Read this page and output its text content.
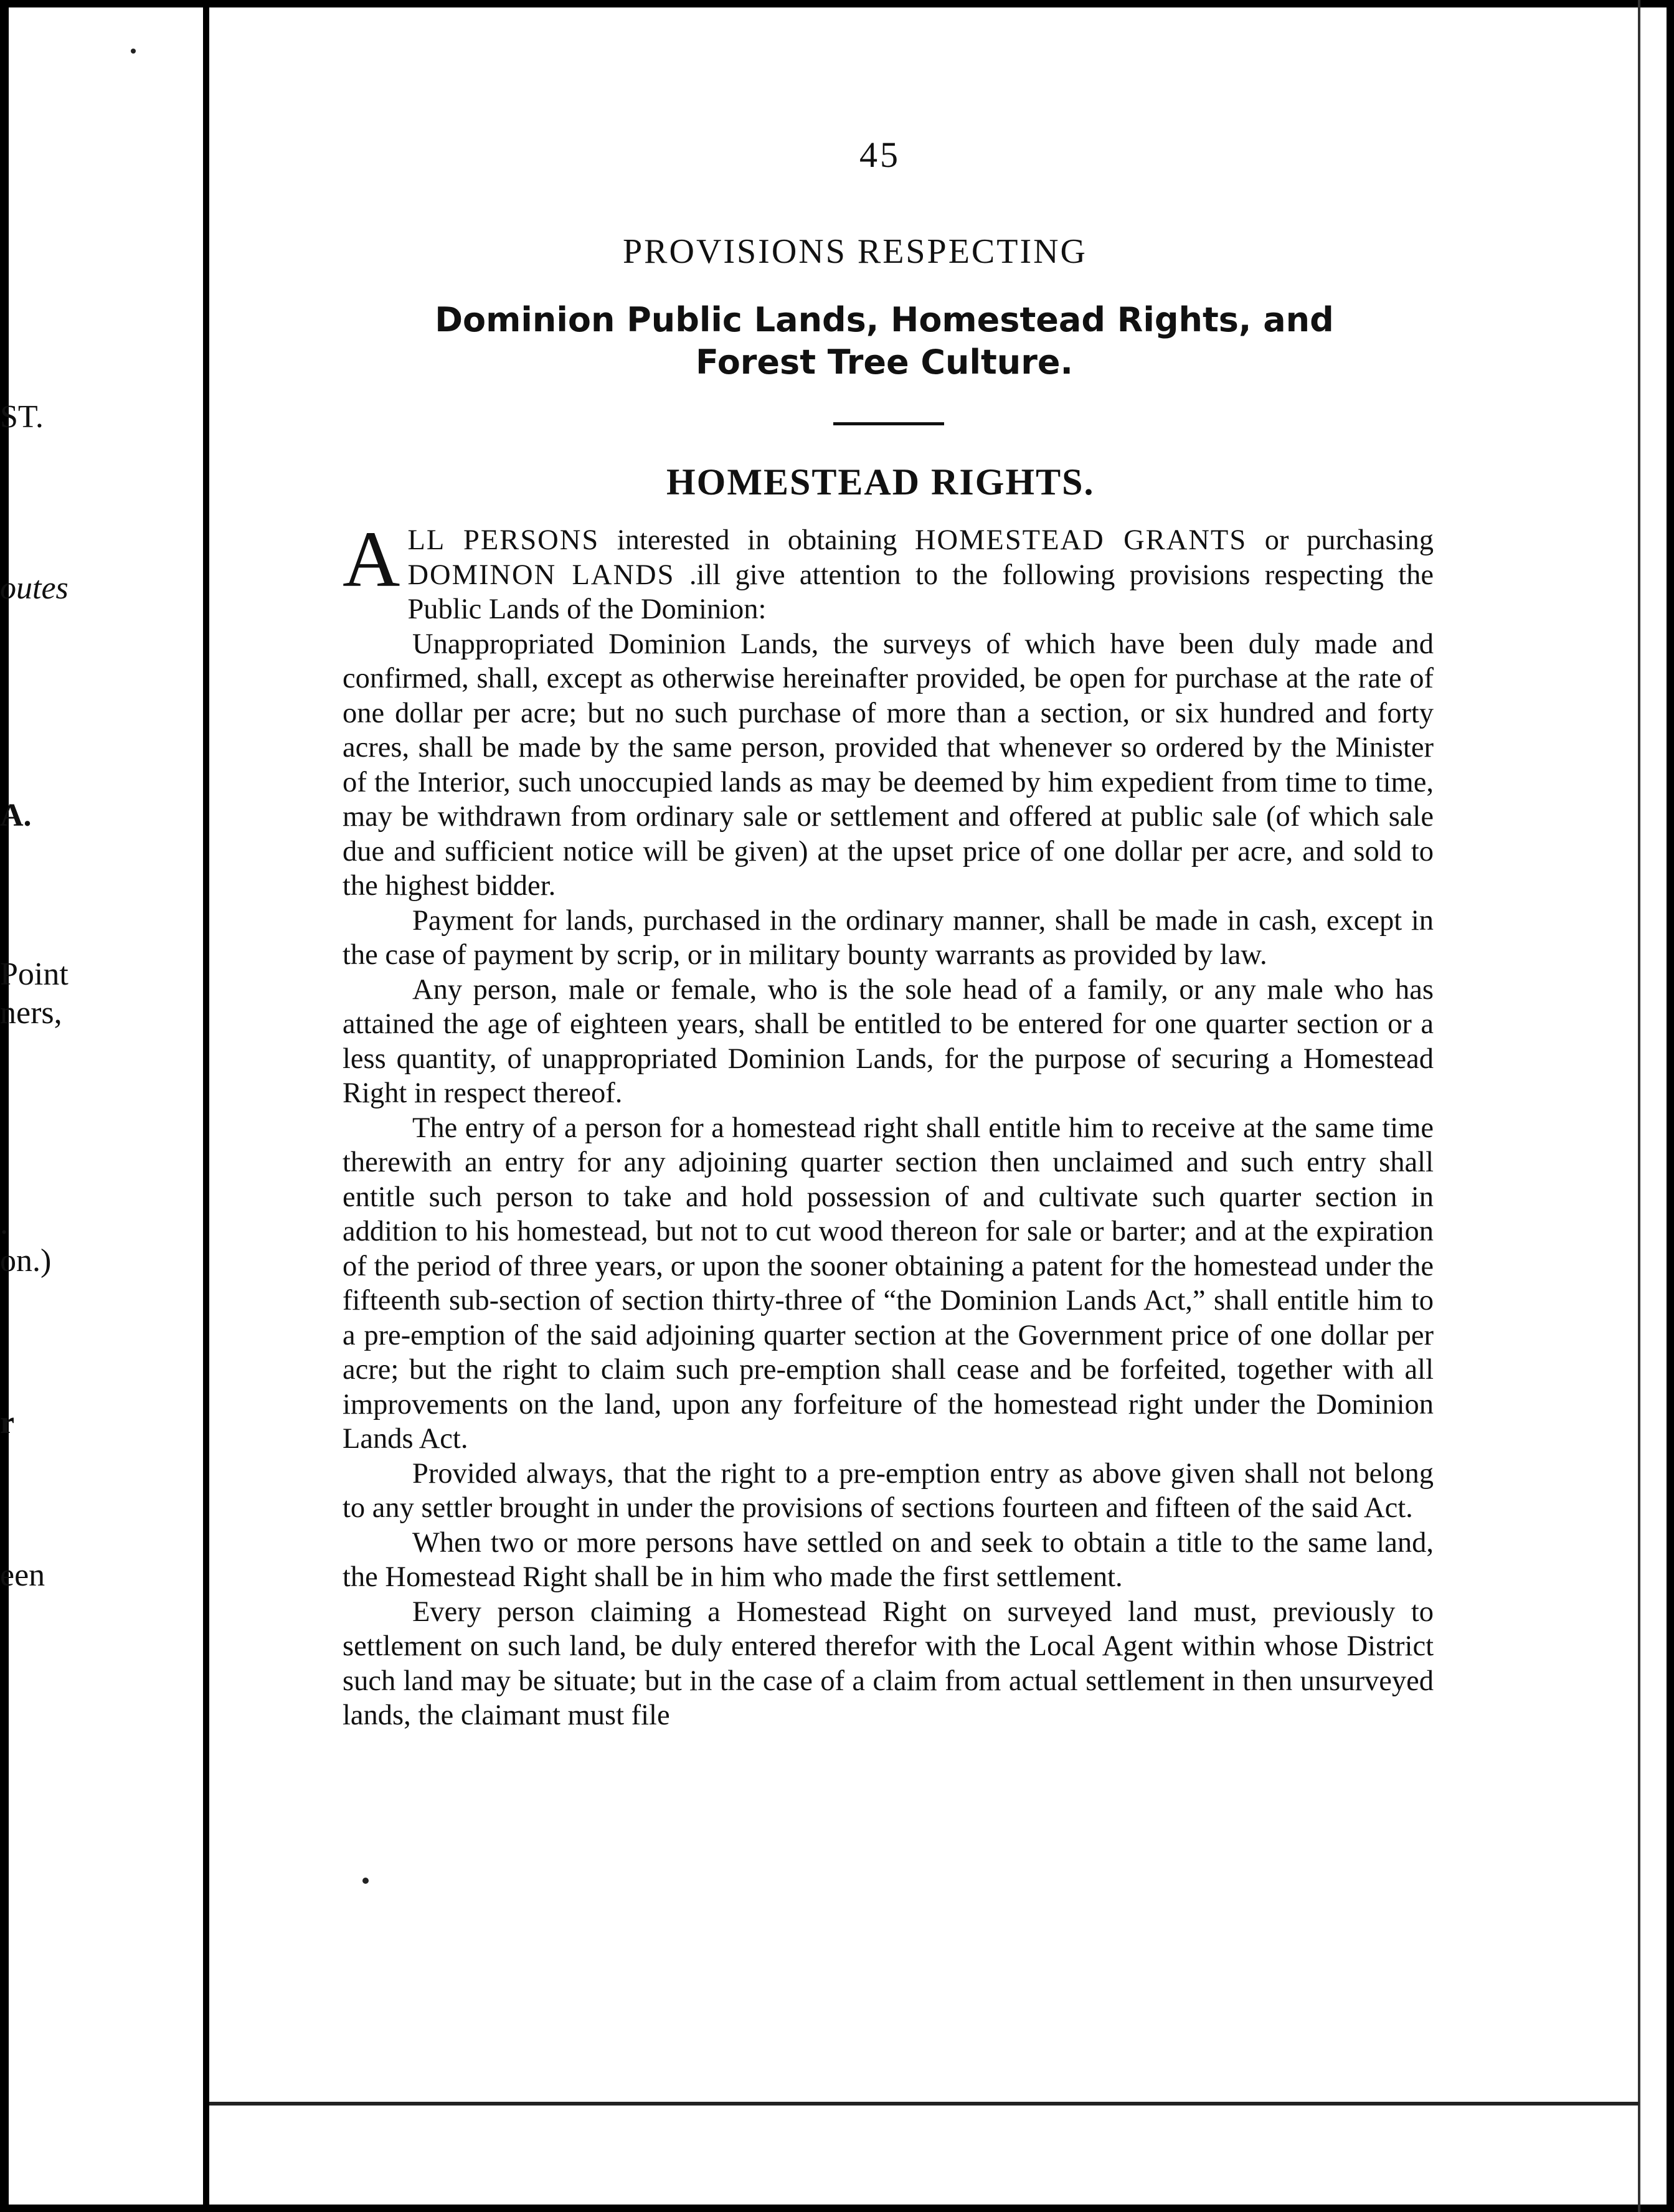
ST.
outes
A.
Point
ners,
.
on.)
r
een
45
PROVISIONS RESPECTING
Dominion Public Lands, Homestead Rights, and
Forest Tree Culture.
HOMESTEAD RIGHTS.

ALL PERSONS interested in obtaining HOMESTEAD GRANTS or purchasing DOMINON LANDS .ill give attention to the following provisions respecting the Public Lands of the Dominion:

Unappropriated Dominion Lands, the surveys of which have been duly made and confirmed, shall, except as otherwise hereinafter provided, be open for purchase at the rate of one dollar per acre; but no such purchase of more than a section, or six hundred and forty acres, shall be made by the same person, provided that whenever so ordered by the Minister of the Interior, such unoccupied lands as may be deemed by him expedient from time to time, may be withdrawn from ordinary sale or settlement and offered at public sale (of which sale due and sufficient notice will be given) at the upset price of one dollar per acre, and sold to the highest bidder.

Payment for lands, purchased in the ordinary manner, shall be made in cash, except in the case of payment by scrip, or in military bounty warrants as provided by law.

Any person, male or female, who is the sole head of a family, or any male who has attained the age of eighteen years, shall be entitled to be entered for one quarter section or a less quantity, of unappropriated Dominion Lands, for the purpose of securing a Homestead Right in respect thereof.

The entry of a person for a homestead right shall entitle him to receive at the same time therewith an entry for any adjoining quarter section then unclaimed and such entry shall entitle such person to take and hold possession of and cultivate such quarter section in addition to his homestead, but not to cut wood thereon for sale or barter; and at the expiration of the period of three years, or upon the sooner obtaining a patent for the homestead under the fifteenth sub-section of section thirty-three of “the Dominion Lands Act,” shall entitle him to a pre-emption of the said adjoining quarter section at the Government price of one dollar per acre; but the right to claim such pre-emption shall cease and be forfeited, together with all improvements on the land, upon any forfeiture of the homestead right under the Dominion Lands Act.

Provided always, that the right to a pre-emption entry as above given shall not belong to any settler brought in under the provisions of sections fourteen and fifteen of the said Act.

When two or more persons have settled on and seek to obtain a title to the same land, the Homestead Right shall be in him who made the first settlement.

Every person claiming a Homestead Right on surveyed land must, previously to settlement on such land, be duly entered therefor with the Local Agent within whose District such land may be situate; but in the case of a claim from actual settlement in then unsurveyed lands, the claimant must file
